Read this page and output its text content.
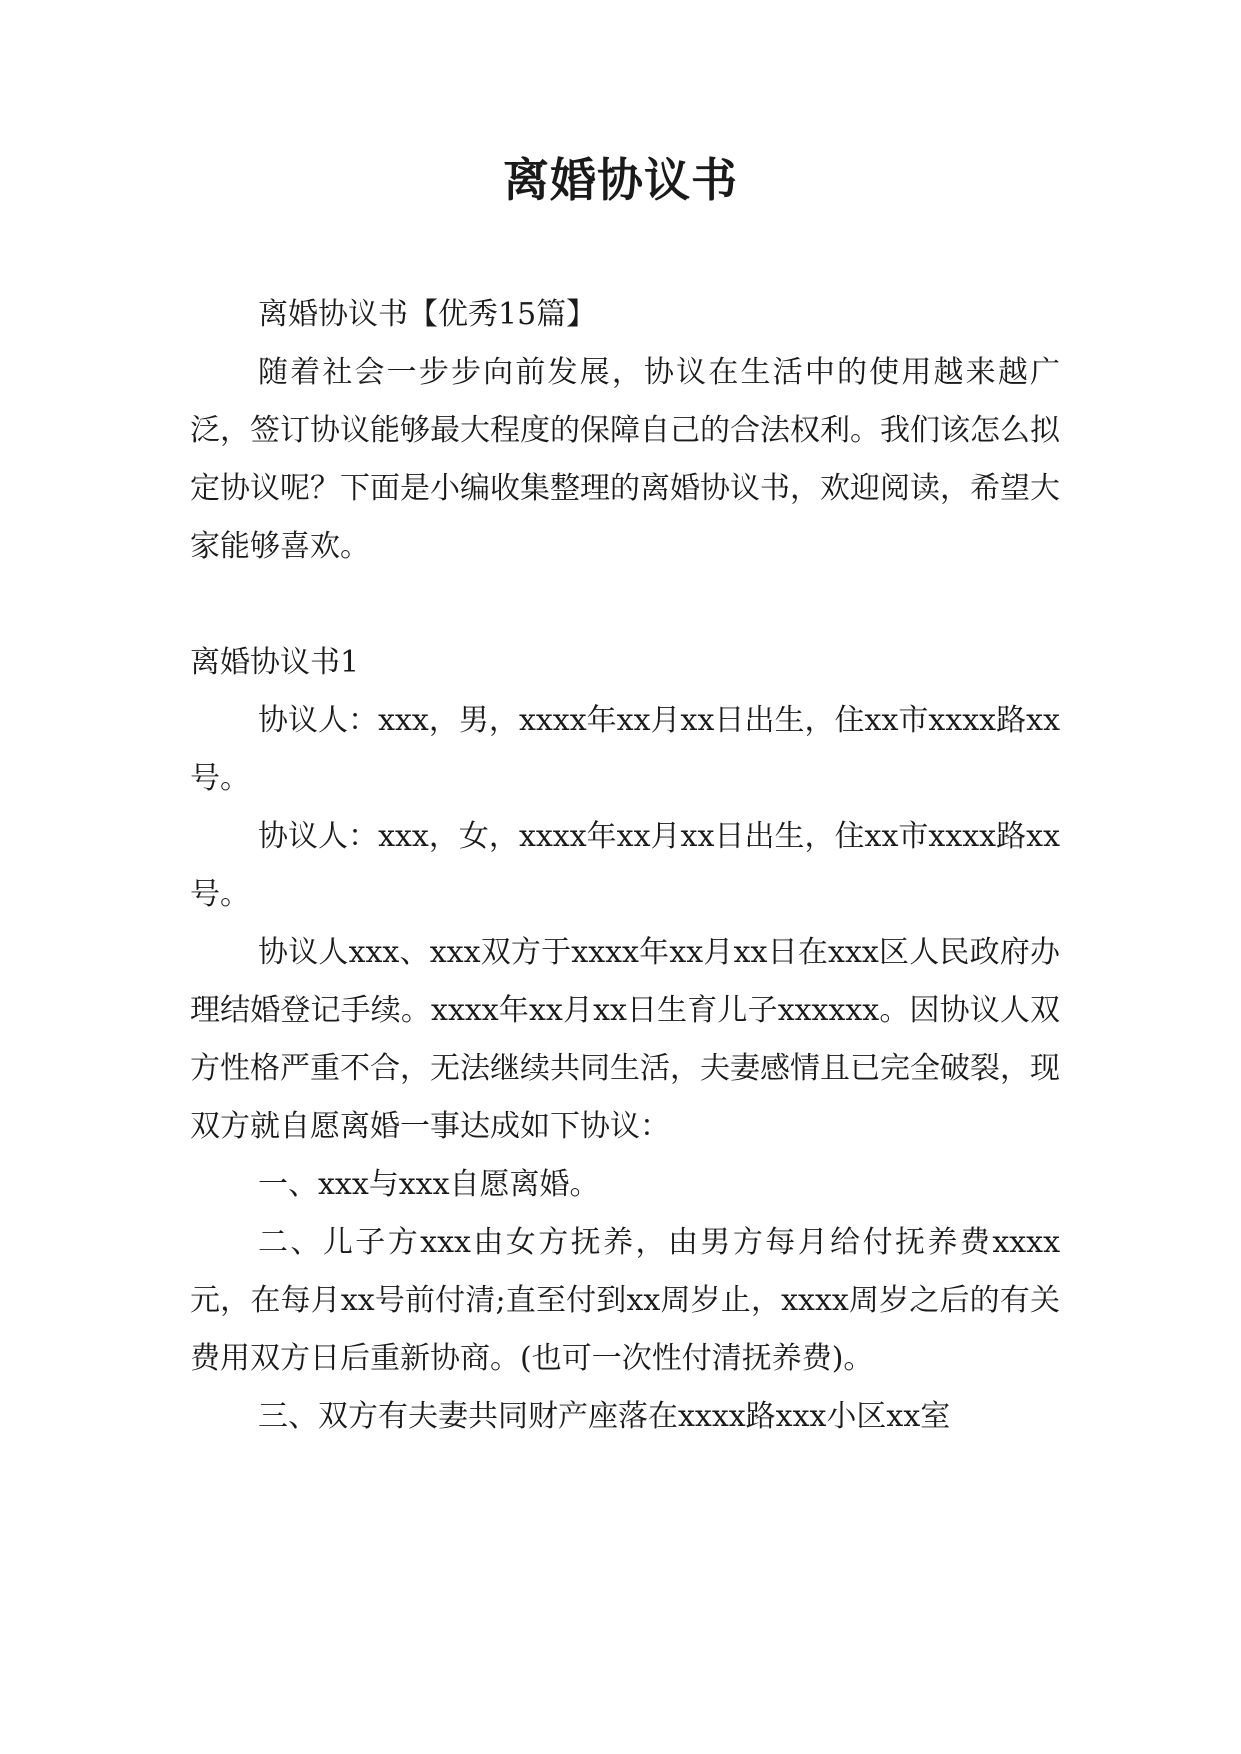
离婚协议书

离婚协议书【优秀15篇】

随着社会一步步向前发展，协议在生活中的使用越来越广泛，签订协议能够最大程度的保障自己的合法权利。我们该怎么拟定协议呢？下面是小编收集整理的离婚协议书，欢迎阅读，希望大家能够喜欢。

离婚协议书1

协议人：xxx，男，xxxx年xx月xx日出生，住xx市xxxx路xx号。

协议人：xxx，女，xxxx年xx月xx日出生，住xx市xxxx路xx号。

协议人xxx、xxx双方于xxxx年xx月xx日在xxx区人民政府办理结婚登记手续。xxxx年xx月xx日生育儿子xxxxxx。因协议人双方性格严重不合，无法继续共同生活，夫妻感情且已完全破裂，现双方就自愿离婚一事达成如下协议：

一、xxx与xxx自愿离婚。

二、儿子方xxx由女方抚养，由男方每月给付抚养费xxxx元，在每月xx号前付清;直至付到xx周岁止，xxxx周岁之后的有关费用双方日后重新协商。(也可一次性付清抚养费)。

三、双方有夫妻共同财产座落在xxxx路xxx小区xx室
